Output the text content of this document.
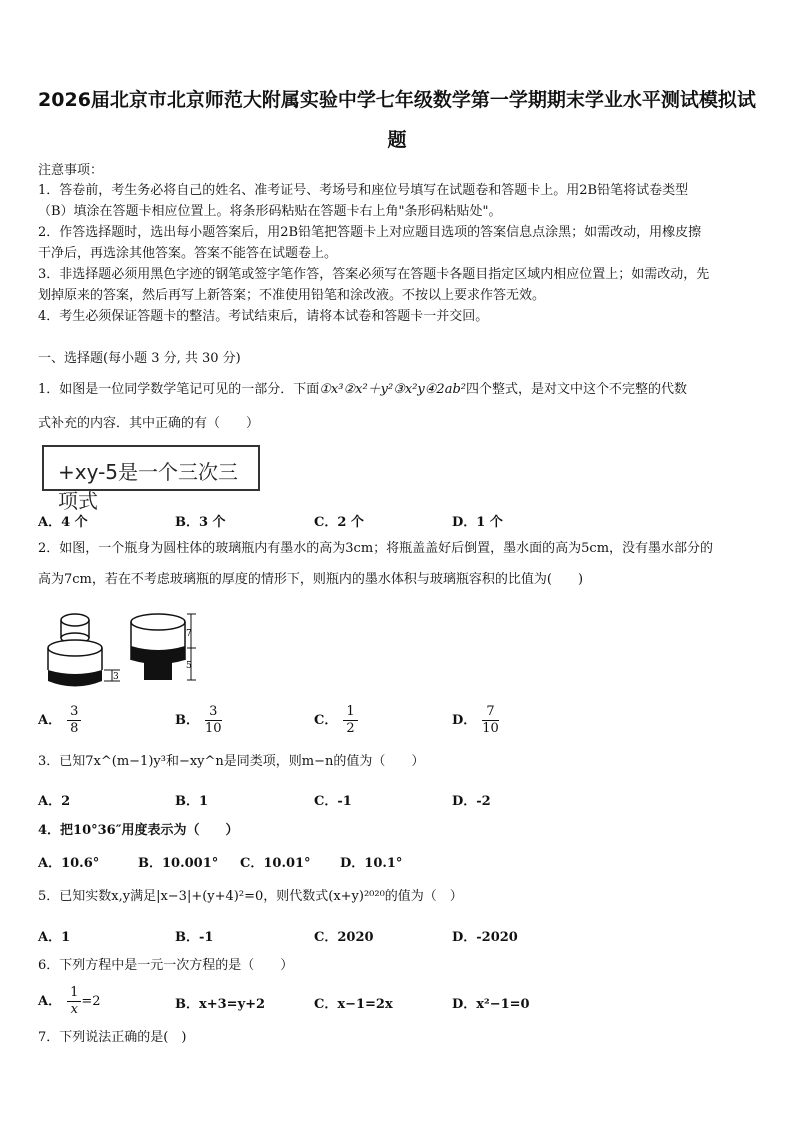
2026届北京市北京师范大附属实验中学七年级数学第一学期期末学业水平测试模拟试
题
注意事项：
1．答卷前，考生务必将自己的姓名、准考证号、考场号和座位号填写在试题卷和答题卡上。用2B铅笔将试卷类型
（B）填涂在答题卡相应位置上。将条形码粘贴在答题卡右上角"条形码粘贴处"。
2．作答选择题时，选出每小题答案后，用2B铅笔把答题卡上对应题目选项的答案信息点涂黑；如需改动，用橡皮擦
干净后，再选涂其他答案。答案不能答在试题卷上。
3．非选择题必须用黑色字迹的钢笔或签字笔作答，答案必须写在答题卡各题目指定区域内相应位置上；如需改动，先
划掉原来的答案，然后再写上新答案；不准使用铅笔和涂改液。不按以上要求作答无效。
4．考生必须保证答题卡的整洁。考试结束后，请将本试卷和答题卡一并交回。
一、选择题(每小题 3 分, 共 30 分)
1．如图是一位同学数学笔记可见的一部分．下面①x³②x²＋y²③x²y④2ab²四个整式，是对文中这个不完整的代数
式补充的内容．其中正确的有（　　）
+xy-5是一个三次三项式
A．4 个	B．3 个	C．2 个	D．1 个
2．如图，一个瓶身为圆柱体的玻璃瓶内有墨水的高为3cm；将瓶盖盖好后倒置，墨水面的高为5cm，没有墨水部分的
高为7cm，若在不考虑玻璃瓶的厚度的情形下，则瓶内的墨水体积与玻璃瓶容积的比值为(　　)
3
7
5
A． $\frac{3}{8}$	B． $\frac{3}{10}$	C． $\frac{1}{2}$	D． $\frac{7}{10}$
3．已知7x^(m−1)y³和−xy^n是同类项，则m−n的值为（　　）
A．2	B．1	C．-1	D．-2
4．把10°36″用度表示为（　　）
A．10.6°	B．10.001° C．10.01° D．10.1°
5．已知实数x,y满足|x−3|+(y+4)²=0，则代数式(x+y)²⁰²⁰的值为（　）
A．1	B．-1	C．2020	D．-2020
6．下列方程中是一元一次方程的是（　　）
A． $\frac{1}{x} =2$	B．x+3=y+2	C．x−1=2x	D．x²−1=0
7．下列说法正确的是(　)
